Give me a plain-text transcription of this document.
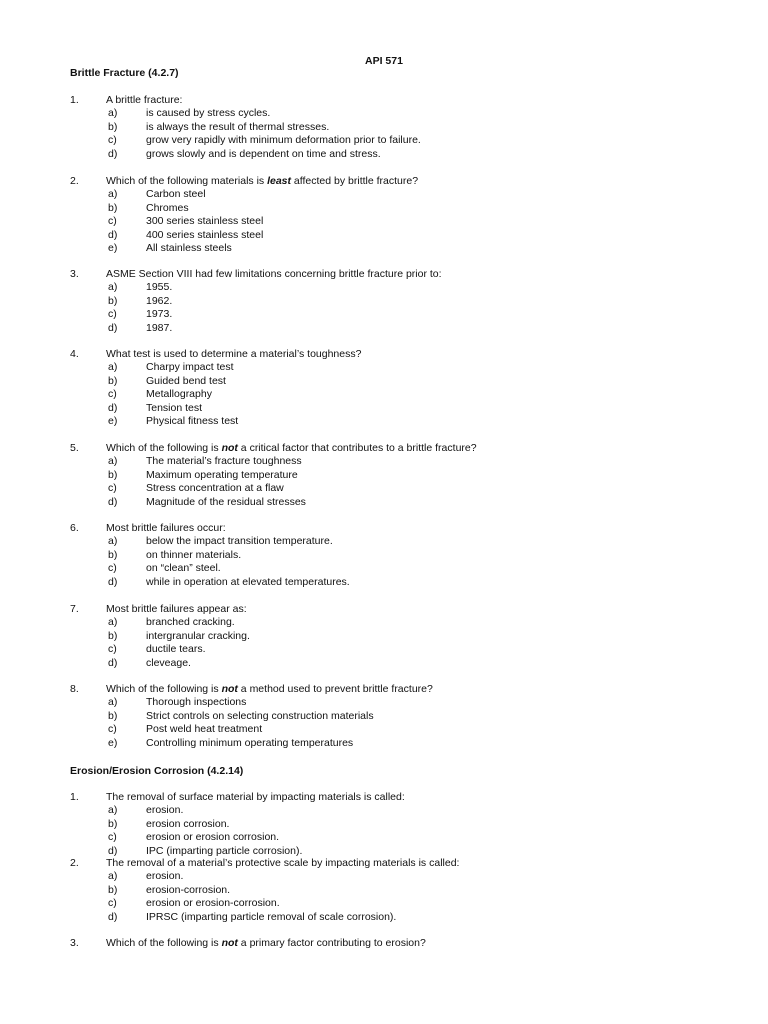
API 571
Brittle Fracture (4.2.7)
1.	A brittle fracture:
a)	is caused by stress cycles.
b)	is always the result of thermal stresses.
c)	grow very rapidly with minimum deformation prior to failure.
d)	grows slowly and is dependent on time and stress.
2.	Which of the following materials is least affected by brittle fracture?
a)	Carbon steel
b)	Chromes
c)	300 series stainless steel
d)	400 series stainless steel
e)	All stainless steels
3.	ASME Section VIII had few limitations concerning brittle fracture prior to:
a)	1955.
b)	1962.
c)	1973.
d)	1987.
4.	What test is used to determine a material’s toughness?
a)	Charpy impact test
b)	Guided bend test
c)	Metallography
d)	Tension test
e)	Physical fitness test
5.	Which of the following is not a critical factor that contributes to a brittle fracture?
a)	The material’s fracture toughness
b)	Maximum operating temperature
c)	Stress concentration at a flaw
d)	Magnitude of the residual stresses
6.	Most brittle failures occur:
a)	below the impact transition temperature.
b)	on thinner materials.
c)	on “clean” steel.
d)	while in operation at elevated temperatures.
7.	Most brittle failures appear as:
a)	branched cracking.
b)	intergranular cracking.
c)	ductile tears.
d)	cleveage.
8.	Which of the following is not a method used to prevent brittle fracture?
a)	Thorough inspections
b)	Strict controls on selecting construction materials
c)	Post weld heat treatment
e)	Controlling minimum operating temperatures
Erosion/Erosion Corrosion (4.2.14)
1.	The removal of surface material by impacting materials is called:
a)	erosion.
b)	erosion corrosion.
c)	erosion or erosion corrosion.
d)	IPC (imparting particle corrosion).
2.	The removal of a material’s protective scale by impacting materials is called:
a)	erosion.
b)	erosion-corrosion.
c)	erosion or erosion-corrosion.
d)	IPRSC (imparting particle removal of scale corrosion).
3.	Which of the following is not a primary factor contributing to erosion?
